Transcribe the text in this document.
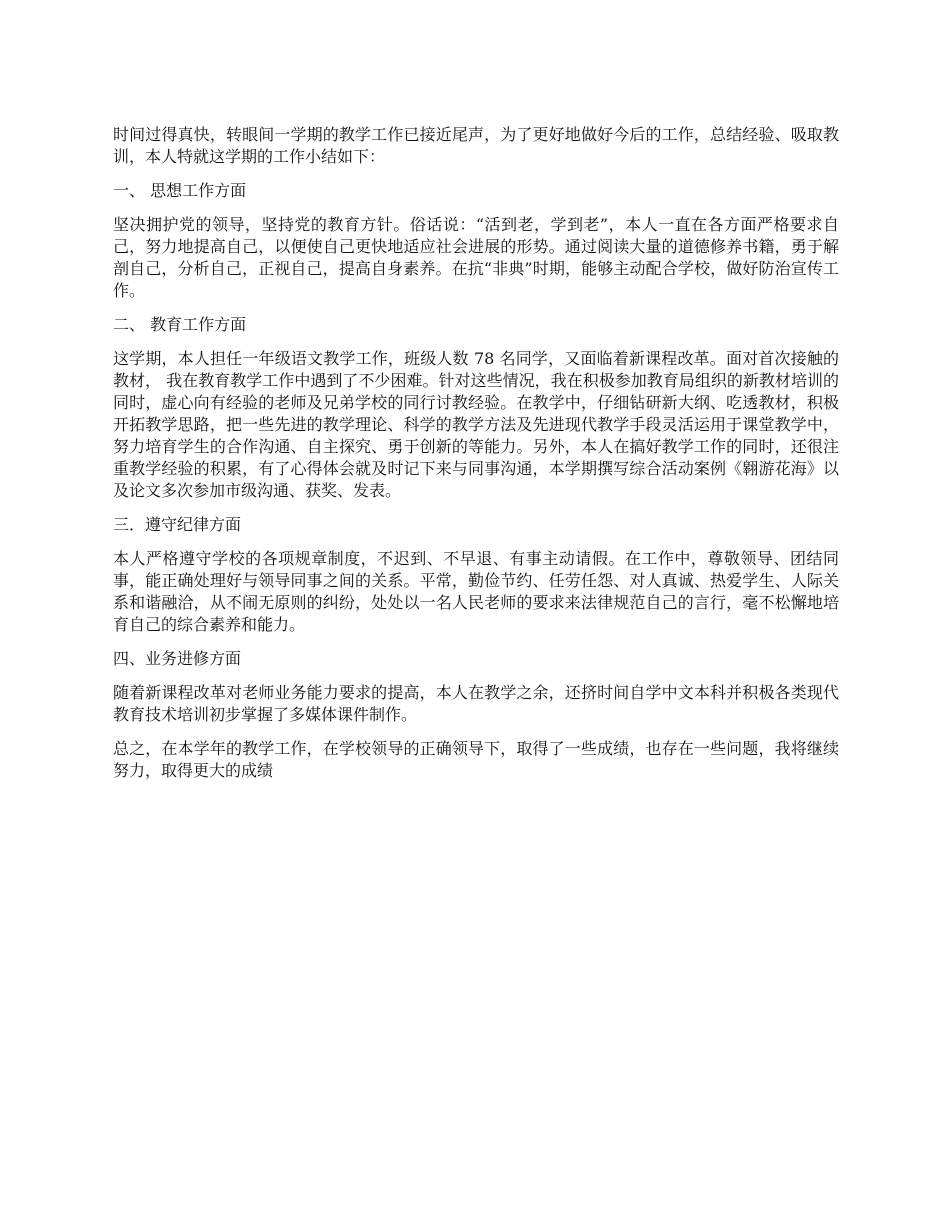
时间过得真快，转眼间一学期的教学工作已接近尾声，为了更好地做好今后的工作，总结经验、吸取教训，本人特就这学期的工作小结如下：

一、 思想工作方面

坚决拥护党的领导，坚持党的教育方针。俗话说：“活到老，学到老”，本人一直在各方面严格要求自己，努力地提高自己，以便使自己更快地适应社会进展的形势。通过阅读大量的道德修养书籍，勇于解剖自己，分析自己，正视自己，提高自身素养。在抗“非典”时期，能够主动配合学校，做好防治宣传工作。

二、 教育工作方面

这学期，本人担任一年级语文教学工作，班级人数 78 名同学，又面临着新课程改革。面对首次接触的教材， 我在教育教学工作中遇到了不少困难。针对这些情况，我在积极参加教育局组织的新教材培训的同时，虚心向有经验的老师及兄弟学校的同行讨教经验。在教学中，仔细钻研新大纲、吃透教材，积极开拓教学思路，把一些先进的教学理论、科学的教学方法及先进现代教学手段灵活运用于课堂教学中，努力培育学生的合作沟通、自主探究、勇于创新的等能力。另外，本人在搞好教学工作的同时，还很注重教学经验的积累，有了心得体会就及时记下来与同事沟通，本学期撰写综合活动案例《翱游花海》以及论文多次参加市级沟通、获奖、发表。

三．遵守纪律方面

本人严格遵守学校的各项规章制度，不迟到、不早退、有事主动请假。在工作中，尊敬领导、团结同事，能正确处理好与领导同事之间的关系。平常，勤俭节约、任劳任怨、对人真诚、热爱学生、人际关系和谐融洽，从不闹无原则的纠纷，处处以一名人民老师的要求来法律规范自己的言行，毫不松懈地培育自己的综合素养和能力。

四、业务进修方面

随着新课程改革对老师业务能力要求的提高，本人在教学之余，还挤时间自学中文本科并积极各类现代教育技术培训初步掌握了多媒体课件制作。

总之，在本学年的教学工作，在学校领导的正确领导下，取得了一些成绩，也存在一些问题，我将继续努力，取得更大的成绩
